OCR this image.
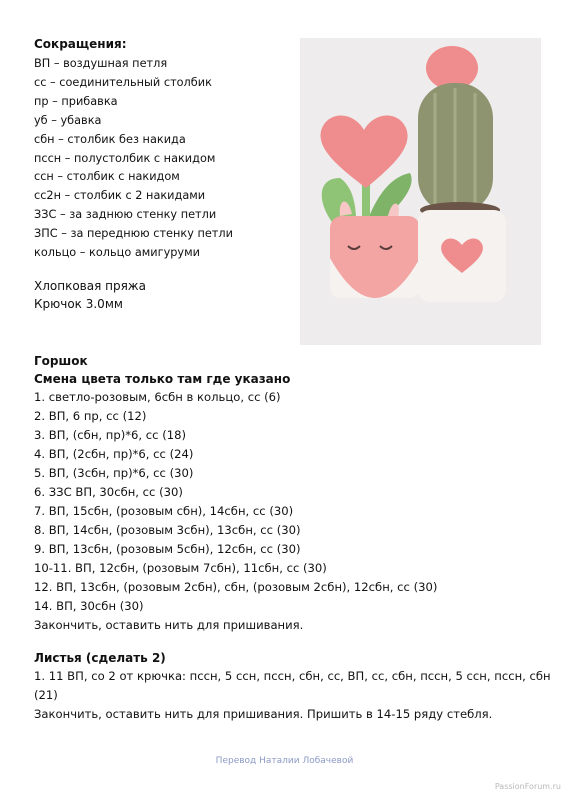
Сокращения:
ВП – воздушная петля
сс – соединительный столбик
пр – прибавка
уб – убавка
сбн – столбик без накида
пссн – полустолбик с накидом
ссн – столбик с накидом
сс2н – столбик с 2 накидами
ЗЗС – за заднюю стенку петли
ЗПС – за переднюю стенку петли
кольцо – кольцо амигуруми
Хлопковая пряжа
Крючок 3.0мм
Горшок
Смена цвета только там где указано
1. светло-розовым, 6сбн в кольцо, сс (6)
2. ВП, 6 пр, сс (12)
3. ВП, (сбн, пр)*6, сс (18)
4. ВП, (2сбн, пр)*6, сс (24)
5. ВП, (3сбн, пр)*6, сс (30)
6. ЗЗС ВП, 30сбн, сс (30)
7. ВП, 15сбн, (розовым сбн), 14сбн, сс (30)
8. ВП, 14сбн, (розовым 3сбн), 13сбн, сс (30)
9. ВП, 13сбн, (розовым 5сбн), 12сбн, сс (30)
10-11. ВП, 12сбн, (розовым 7сбн), 11сбн, сс (30)
12. ВП, 13сбн, (розовым 2сбн), сбн, (розовым 2сбн), 12сбн, сс (30)
14. ВП, 30сбн (30)
Закончить, оставить нить для пришивания.
Листья (сделать 2)
1. 11 ВП, со 2 от крючка: пссн, 5 ссн, пссн, сбн, сс, ВП, сс, сбн, пссн, 5 ссн, пссн, сбн (21)
Закончить, оставить нить для пришивания. Пришить в 14-15 ряду стебля.
Перевод Наталии Лобачевой
PassionForum.ru
